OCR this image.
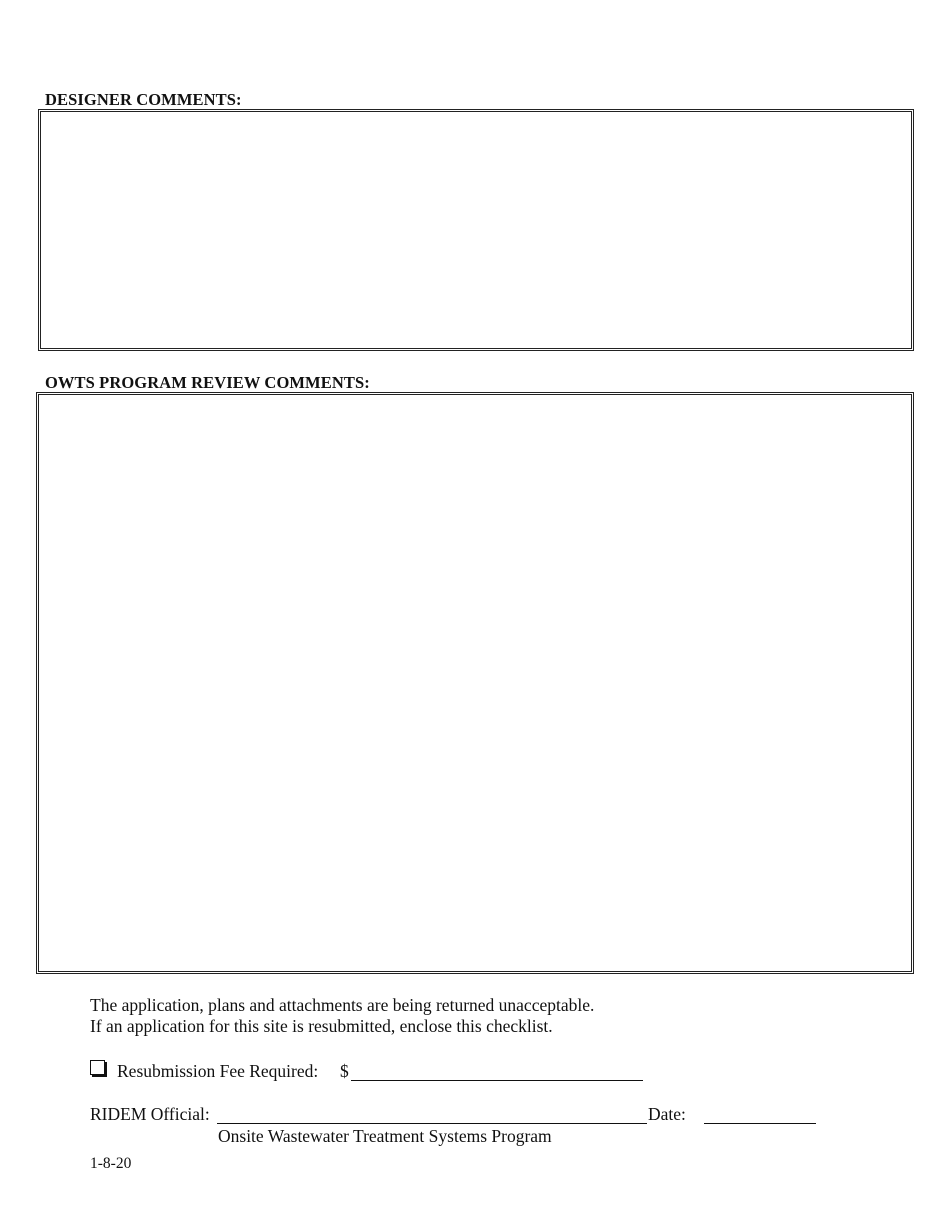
DESIGNER COMMENTS:
OWTS PROGRAM REVIEW COMMENTS:
The application, plans and attachments are being returned unacceptable.
If an application for this site is resubmitted, enclose this checklist.
Resubmission Fee Required: $
RIDEM Official:	Date:
Onsite Wastewater Treatment Systems Program
1-8-20
